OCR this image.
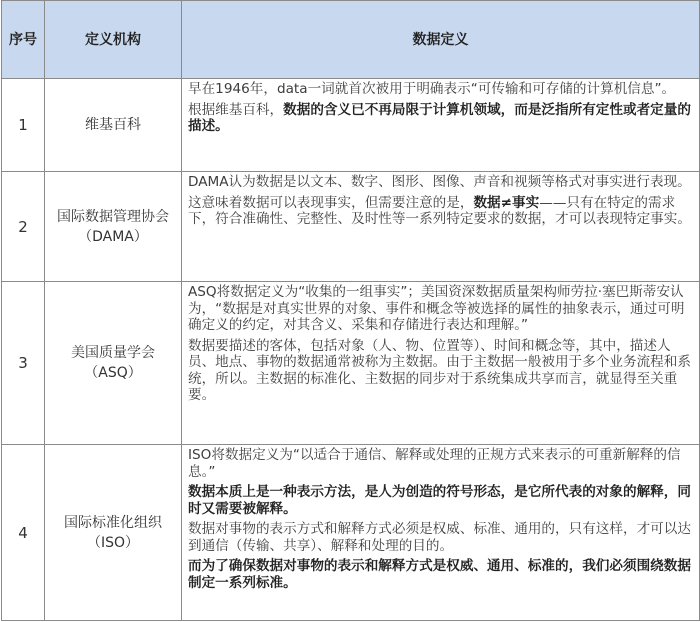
序号	定义机构	数据定义
1	维基百科	早在1946年，data一词就首次被用于明确表示“可传输和可存储的计算机信息”。
根据维基百科，数据的含义已不再局限于计算机领域，而是泛指所有定性或者定量的描述。

2	国际数据管理协会（DAMA）	DAMA认为数据是以文本、数字、图形、图像、声音和视频等格式对事实进行表现。
这意味着数据可以表现事实，但需要注意的是，数据≠事实——只有在特定的需求下，符合准确性、完整性、及时性等一系列特定要求的数据，才可以表现特定事实。

3	美国质量学会（ASQ）	ASQ将数据定义为“收集的一组事实”；美国资深数据质量架构师劳拉·塞巴斯蒂安认为，“数据是对真实世界的对象、事件和概念等被选择的属性的抽象表示，通过可明确定义的约定，对其含义、采集和存储进行表达和理解。”
数据要描述的客体，包括对象（人、物、位置等）、时间和概念等，其中，描述人员、地点、事物的数据通常被称为主数据。由于主数据一般被用于多个业务流程和系统，所以。主数据的标准化、主数据的同步对于系统集成共享而言，就显得至关重要。

4	国际标准化组织（ISO）	ISO将数据定义为“以适合于通信、解释或处理的正规方式来表示的可重新解释的信息。”
数据本质上是一种表示方法，是人为创造的符号形态，是它所代表的对象的解释，同时又需要被解释。
数据对事物的表示方式和解释方式必须是权威、标准、通用的，只有这样，才可以达到通信（传输、共享）、解释和处理的目的。
而为了确保数据对事物的表示和解释方式是权威、通用、标准的，我们必须围绕数据制定一系列标准。
